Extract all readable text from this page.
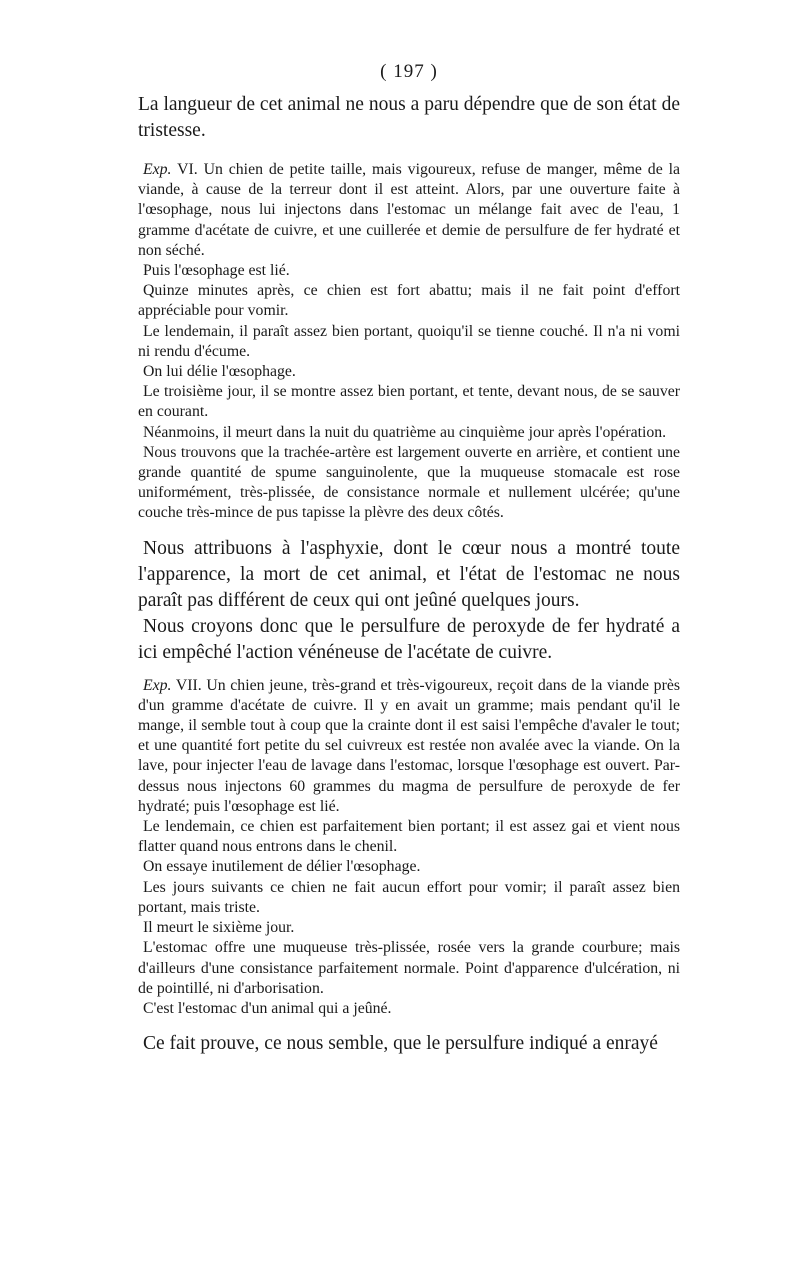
( 197 )

La langueur de cet animal ne nous a paru dépendre que de son état de tristesse.

Exp. VI. Un chien de petite taille, mais vigoureux, refuse de manger, même de la viande, à cause de la terreur dont il est atteint. Alors, par une ouverture faite à l'œsophage, nous lui injectons dans l'estomac un mélange fait avec de l'eau, 1 gramme d'acétate de cuivre, et une cuillerée et demie de persulfure de fer hydraté et non séché.

Puis l'œsophage est lié.

Quinze minutes après, ce chien est fort abattu; mais il ne fait point d'effort appréciable pour vomir.

Le lendemain, il paraît assez bien portant, quoiqu'il se tienne couché. Il n'a ni vomi ni rendu d'écume.

On lui délie l'œsophage.

Le troisième jour, il se montre assez bien portant, et tente, devant nous, de se sauver en courant.

Néanmoins, il meurt dans la nuit du quatrième au cinquième jour après l'opération.

Nous trouvons que la trachée-artère est largement ouverte en arrière, et contient une grande quantité de spume sanguinolente, que la muqueuse stomacale est rose uniformément, très-plissée, de consistance normale et nullement ulcérée; qu'une couche très-mince de pus tapisse la plèvre des deux côtés.

Nous attribuons à l'asphyxie, dont le cœur nous a montré toute l'apparence, la mort de cet animal, et l'état de l'estomac ne nous paraît pas différent de ceux qui ont jeûné quelques jours.

Nous croyons donc que le persulfure de peroxyde de fer hydraté a ici empêché l'action vénéneuse de l'acétate de cuivre.

Exp. VII. Un chien jeune, très-grand et très-vigoureux, reçoit dans de la viande près d'un gramme d'acétate de cuivre. Il y en avait un gramme; mais pendant qu'il le mange, il semble tout à coup que la crainte dont il est saisi l'empêche d'avaler le tout; et une quantité fort petite du sel cuivreux est restée non avalée avec la viande. On la lave, pour injecter l'eau de lavage dans l'estomac, lorsque l'œsophage est ouvert. Par-dessus nous injectons 60 grammes du magma de persulfure de peroxyde de fer hydraté; puis l'œsophage est lié.

Le lendemain, ce chien est parfaitement bien portant; il est assez gai et vient nous flatter quand nous entrons dans le chenil.

On essaye inutilement de délier l'œsophage.

Les jours suivants ce chien ne fait aucun effort pour vomir; il paraît assez bien portant, mais triste.

Il meurt le sixième jour.

L'estomac offre une muqueuse très-plissée, rosée vers la grande courbure; mais d'ailleurs d'une consistance parfaitement normale. Point d'apparence d'ulcération, ni de pointillé, ni d'arborisation.

C'est l'estomac d'un animal qui a jeûné.

Ce fait prouve, ce nous semble, que le persulfure indiqué a enrayé
